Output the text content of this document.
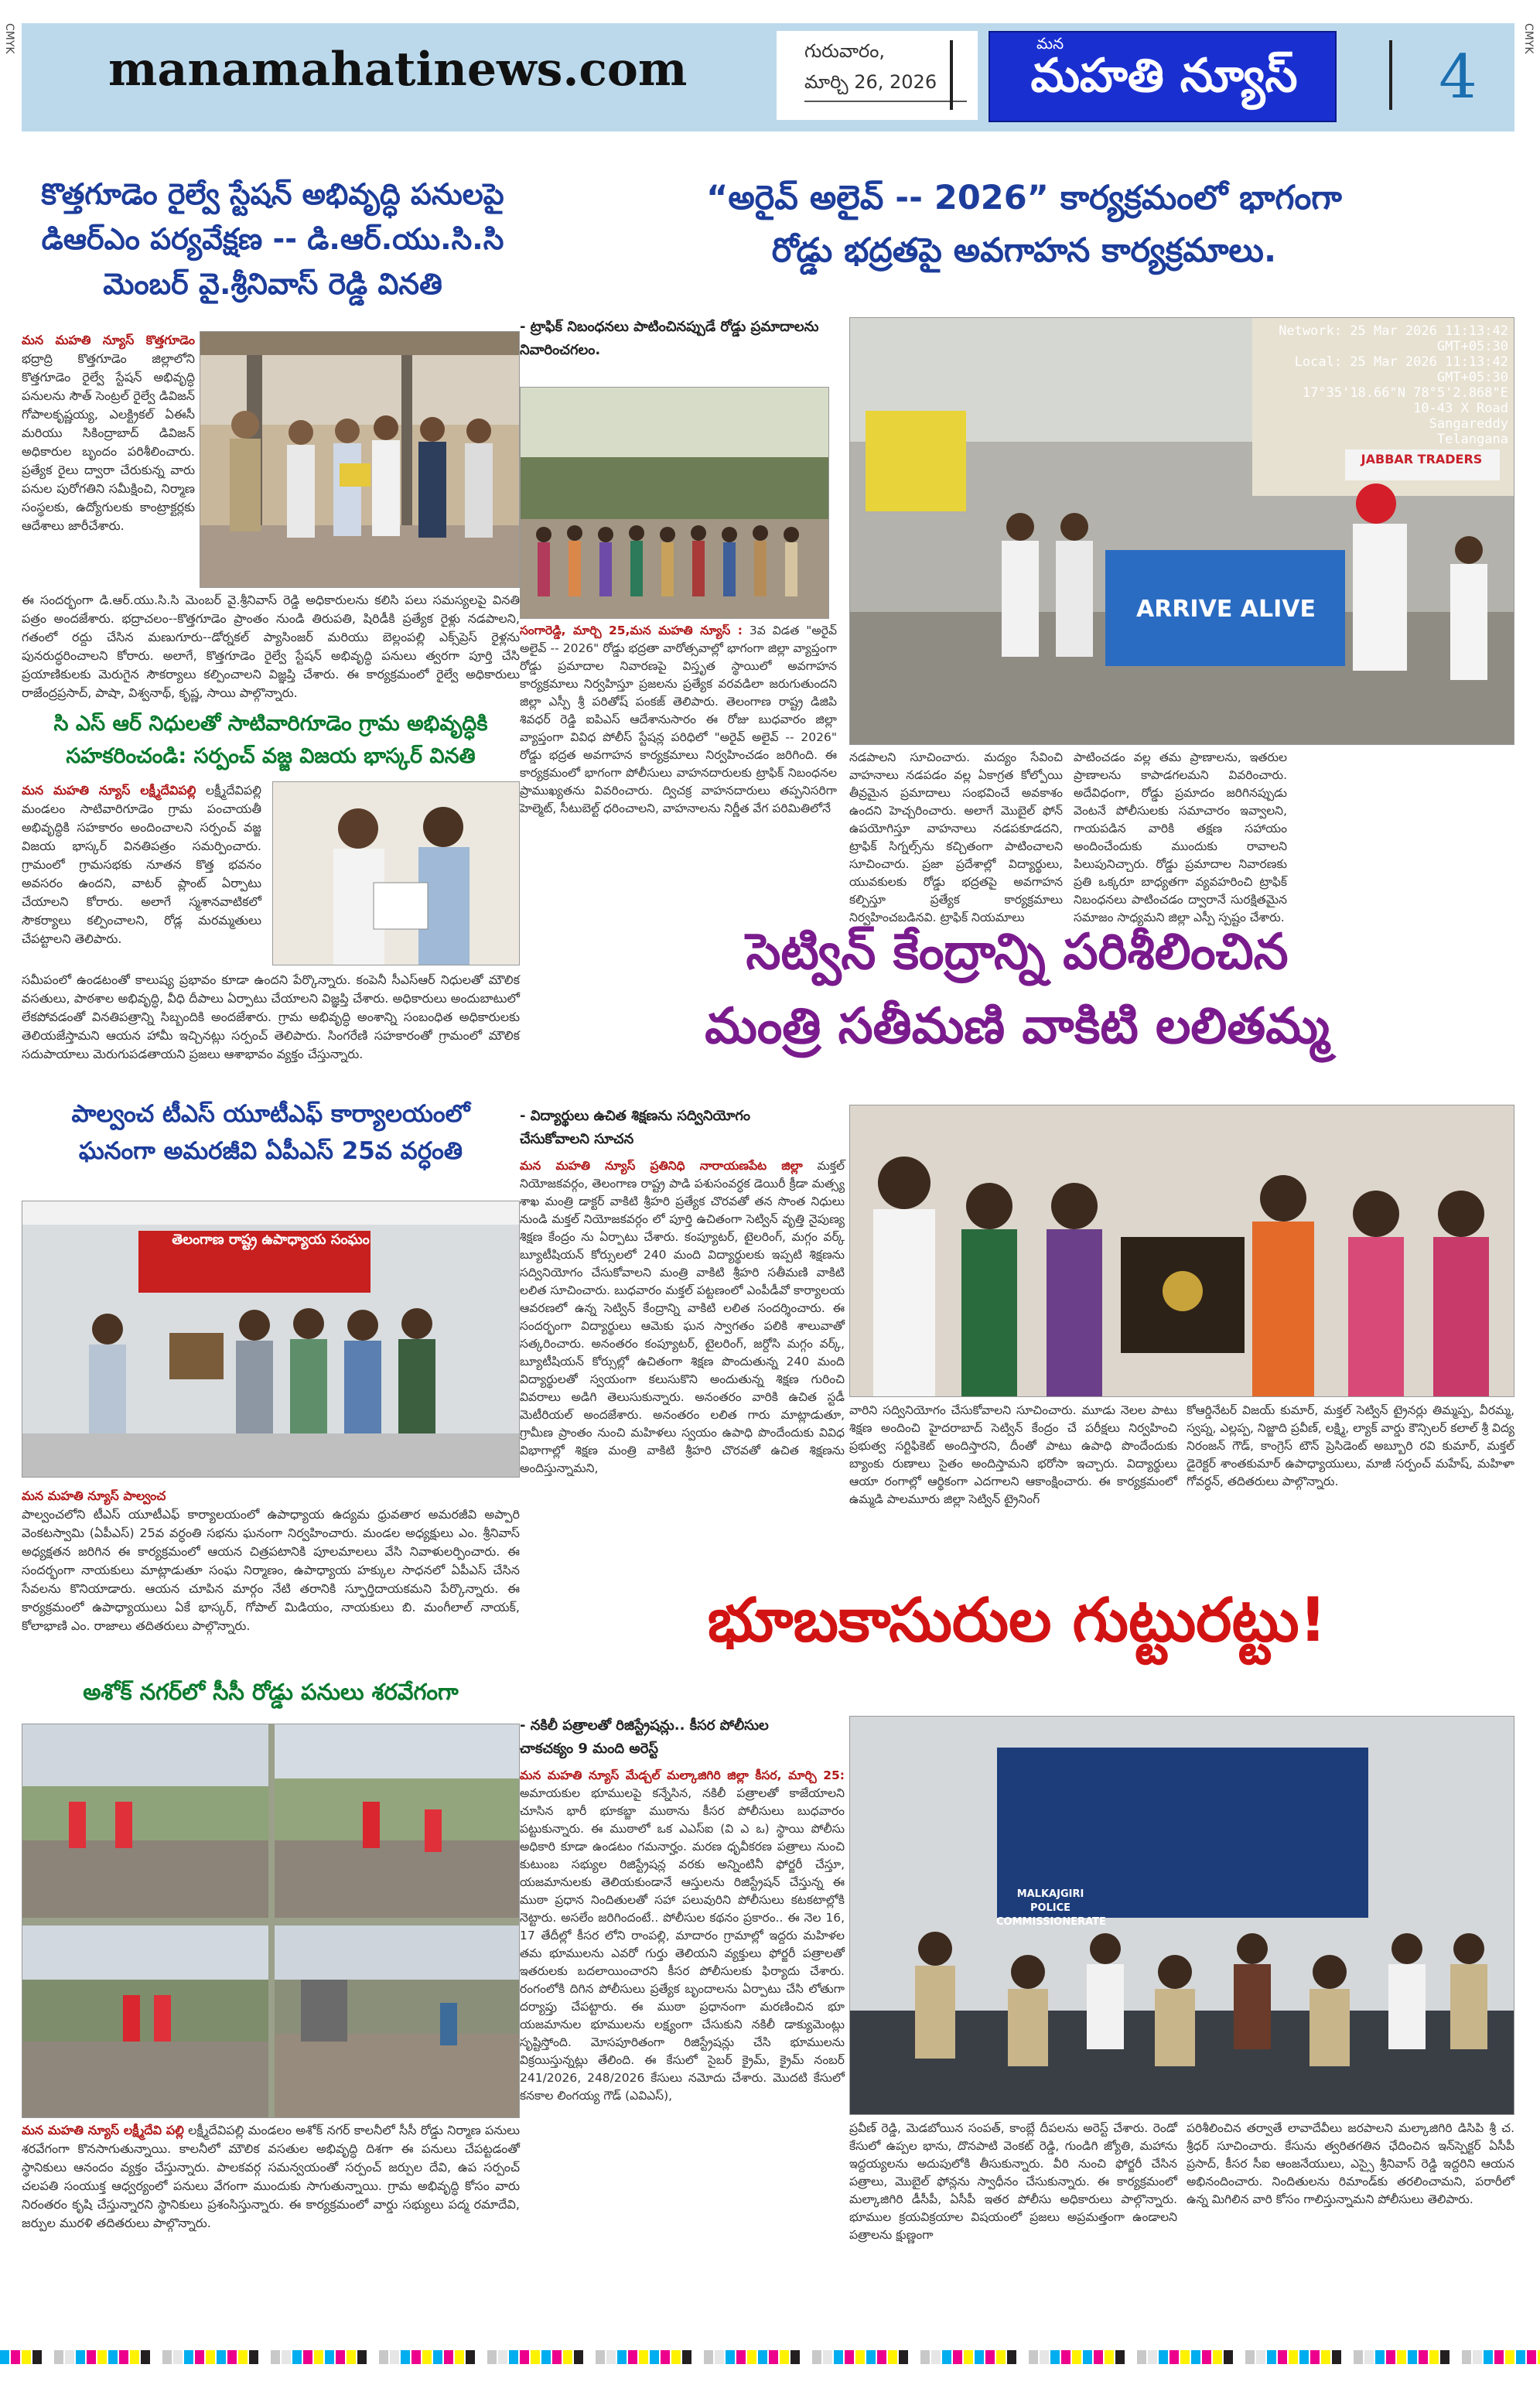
CMYK	CMYK
manamahatinews.com	గురువారం,
మార్చి 26, 2026
మన
మహతి న్యూస్	4
కొత్తగూడెం రైల్వే స్టేషన్ అభివృద్ధి పనులపై
డిఆర్ఎం పర్యవేక్షణ -- డి.ఆర్.యు.సి.సి
మెంబర్ వై.శ్రీనివాస్ రెడ్డి వినతి
మన మహతి న్యూస్ కొత్తగూడెం భద్రాద్రి కొత్తగూడెం జిల్లాలోని కొత్తగూడెం రైల్వే స్టేషన్ అభివృద్ధి పనులను సౌత్ సెంట్రల్ రైల్వే డివిజన్ గోపాలకృష్ణయ్య, ఎలక్ట్రికల్ ఏఈసీ మరియు సికింద్రాబాద్ డివిజన్ అధికారుల బృందం పరిశీలించారు. ప్రత్యేక రైలు ద్వారా చేరుకున్న వారు పనుల పురోగతిని సమీక్షించి, నిర్మాణ సంస్థలకు, ఉద్యోగులకు కాంట్రాక్టర్లకు ఆదేశాలు జారీచేశారు.
ఈ సందర్భంగా డి.ఆర్.యు.సి.సి మెంబర్ వై.శ్రీనివాస్ రెడ్డి అధికారులను కలిసి పలు సమస్యలపై వినతి పత్రం అందజేశారు. భద్రాచలం--కొత్తగూడెం ప్రాంతం నుండి తిరుపతి, షిరిడీకి ప్రత్యేక రైళ్లు నడపాలని, గతంలో రద్దు చేసిన మణుగూరు--డోర్నకల్ ప్యాసింజర్ మరియు బెల్లంపల్లి ఎక్స్‌ప్రెస్ రైళ్లను పునరుద్ధరించాలని కోరారు. అలాగే, కొత్తగూడెం రైల్వే స్టేషన్ అభివృద్ధి పనులు త్వరగా పూర్తి చేసి ప్రయాణికులకు మెరుగైన సౌకర్యాలు కల్పించాలని విజ్ఞప్తి చేశారు. ఈ కార్యక్రమంలో రైల్వే అధికారులు రాజేంద్రప్రసాద్, పాషా, విశ్వనాథ్, కృష్ణ, సాయి పాల్గొన్నారు.
సి ఎస్ ఆర్ నిధులతో సాటివారిగూడెం గ్రామ అభివృద్ధికి
సహకరించండి: సర్పంచ్ వజ్జ విజయ భాస్కర్ వినతి
మన మహతి న్యూస్ లక్ష్మీదేవిపల్లి లక్ష్మీదేవిపల్లి మండలం సాటివారిగూడెం గ్రామ పంచాయతీ అభివృద్ధికి సహకారం అందించాలని సర్పంచ్ వజ్జ విజయ భాస్కర్ వినతిపత్రం సమర్పించారు. గ్రామంలో గ్రామసభకు నూతన కొత్త భవనం అవసరం ఉందని, వాటర్ ప్లాంట్ ఏర్పాటు చేయాలని కోరారు. అలాగే స్మశానవాటికలో సౌకర్యాలు కల్పించాలని, రోడ్ల మరమ్మతులు చేపట్టాలని తెలిపారు.
సమీపంలో ఉండటంతో కాలుష్య ప్రభావం కూడా ఉందని పేర్కొన్నారు. కంపెనీ సీఎస్ఆర్ నిధులతో మౌలిక వసతులు, పాఠశాల అభివృద్ధి, వీధి దీపాలు ఏర్పాటు చేయాలని విజ్ఞప్తి చేశారు. అధికారులు అందుబాటులో లేకపోవడంతో వినతిపత్రాన్ని సిబ్బందికి అందజేశారు. గ్రామ అభివృద్ధి అంశాన్ని సంబంధిత అధికారులకు తెలియజేస్తామని ఆయన హామీ ఇచ్చినట్లు సర్పంచ్ తెలిపారు. సింగరేణి సహకారంతో గ్రామంలో మౌలిక సదుపాయాలు మెరుగుపడతాయని ప్రజలు ఆశాభావం వ్యక్తం చేస్తున్నారు.
పాల్వంచ టీఎస్ యూటీఎఫ్ కార్యాలయంలో
ఘనంగా అమరజీవి ఏపీఎస్ 25వ వర్ధంతి
తెలంగాణ రాష్ట్ర ఉపాధ్యాయ సంఘం
మన మహతి న్యూస్ పాల్వంచ
పాల్వంచలోని టీఎస్ యూటీఎఫ్ కార్యాలయంలో ఉపాధ్యాయ ఉద్యమ ధ్రువతార అమరజీవి అప్పారి వెంకటస్వామి (ఏపీఎస్) 25వ వర్ధంతి సభను ఘనంగా నిర్వహించారు. మండల అధ్యక్షులు ఎం. శ్రీనివాస్ అధ్యక్షతన జరిగిన ఈ కార్యక్రమంలో ఆయన చిత్రపటానికి పూలమాలలు వేసి నివాళులర్పించారు. ఈ సందర్భంగా నాయకులు మాట్లాడుతూ సంఘ నిర్మాణం, ఉపాధ్యాయ హక్కుల సాధనలో ఏపీఎస్ చేసిన సేవలను కొనియాడారు. ఆయన చూపిన మార్గం నేటి తరానికి స్ఫూర్తిదాయకమని పేర్కొన్నారు. ఈ కార్యక్రమంలో ఉపాధ్యాయులు ఏకే భాస్కర్, గోపాల్ మిడియం, నాయకులు బి. మంగీలాల్ నాయక్, కోలాభాణి ఎం. రాజాలు తదితరులు పాల్గొన్నారు.
అశోక్ నగర్‌లో సీసీ రోడ్డు పనులు శరవేగంగా
మన మహతి న్యూస్ లక్ష్మీదేవి పల్లి లక్ష్మీదేవిపల్లి మండలం అశోక్ నగర్ కాలనీలో సీసీ రోడ్డు నిర్మాణ పనులు శరవేగంగా కొనసాగుతున్నాయి. కాలనీలో మౌలిక వసతుల అభివృద్ధి దిశగా ఈ పనులు చేపట్టడంతో స్థానికులు ఆనందం వ్యక్తం చేస్తున్నారు. పాలకవర్గ సమన్వయంతో సర్పంచ్ జర్పుల దేవి, ఉప సర్పంచ్ చలపతి సంయుక్త ఆధ్వర్యంలో పనులు వేగంగా ముందుకు సాగుతున్నాయి. గ్రామ అభివృద్ధి కోసం వారు నిరంతరం కృషి చేస్తున్నారని స్థానికులు ప్రశంసిస్తున్నారు. ఈ కార్యక్రమంలో వార్డు సభ్యులు పద్మ రమాదేవి, జర్పుల మురళి తదితరులు పాల్గొన్నారు.
“అరైవ్ అలైవ్ -- 2026” కార్యక్రమంలో భాగంగా
రోడ్డు భద్రతపై అవగాహన కార్యక్రమాలు.
- ట్రాఫిక్ నిబంధనలు పాటించినప్పుడే రోడ్డు ప్రమాదాలను నివారించగలం.
సంగారెడ్డి, మార్చి 25,మన మహతి న్యూస్ : 3వ విడత "అరైవ్ అలైవ్ -- 2026" రోడ్డు భద్రతా వారోత్సవాల్లో భాగంగా జిల్లా వ్యాప్తంగా రోడ్డు ప్రమాదాల నివారణపై విస్తృత స్థాయిలో అవగాహన కార్యక్రమాలు నిర్వహిస్తూ ప్రజలను ప్రత్యేక వరవడిలా జరుగుతుందని జిల్లా ఎస్పీ శ్రీ పరితోష్ పంకజ్ తెలిపారు. తెలంగాణ రాష్ట్ర డిజిపి శివధర్ రెడ్డి ఐపిఎస్ ఆదేశానుసారం ఈ రోజు బుధవారం జిల్లా వ్యాప్తంగా వివిధ పోలీస్ స్టేషన్ల పరిధిలో "అరైవ్ అలైవ్ -- 2026" రోడ్డు భద్రత అవగాహన కార్యక్రమాలు నిర్వహించడం జరిగింది. ఈ కార్యక్రమంలో భాగంగా పోలీసులు వాహనదారులకు ట్రాఫిక్ నిబంధనల ప్రాముఖ్యతను వివరించారు. ద్విచక్ర వాహనదారులు తప్పనిసరిగా హెల్మెట్, సీటుబెల్ట్ ధరించాలని, వాహనాలను నిర్ణీత వేగ పరిమితిలోనే
Network: 25 Mar 2026 11:13:42 GMT+05:30
Local: 25 Mar 2026 11:13:42 GMT+05:30
17°35'18.66"N 78°5'2.868"E
10-43 X Road
Sangareddy
Telangana
JABBAR TRADERS
ARRIVE ALIVE
నడపాలని సూచించారు. మద్యం సేవించి వాహనాలు నడపడం వల్ల ఏకాగ్రత కోల్పోయి తీవ్రమైన ప్రమాదాలు సంభవించే అవకాశం ఉందని హెచ్చరించారు. అలాగే మొబైల్ ఫోన్ ఉపయోగిస్తూ వాహనాలు నడపకూడదని, ట్రాఫిక్ సిగ్నల్స్‌ను కచ్చితంగా పాటించాలని సూచించారు. ప్రజా ప్రదేశాల్లో విద్యార్థులు, యువకులకు రోడ్డు భద్రతపై అవగాహన కల్పిస్తూ ప్రత్యేక కార్యక్రమాలు నిర్వహించబడినవి. ట్రాఫిక్ నియమాలు
పాటించడం వల్ల తమ ప్రాణాలను, ఇతరుల ప్రాణాలను కాపాడగలమని వివరించారు. అదేవిధంగా, రోడ్డు ప్రమాదం జరిగినప్పుడు వెంటనే పోలీసులకు సమాచారం ఇవ్వాలని, గాయపడిన వారికి తక్షణ సహాయం అందించేందుకు ముందుకు రావాలని పిలుపునిచ్చారు. రోడ్డు ప్రమాదాల నివారణకు ప్రతి ఒక్కరూ బాధ్యతగా వ్యవహరించి ట్రాఫిక్ నిబంధనలు పాటించడం ద్వారానే సురక్షితమైన సమాజం సాధ్యమని జిల్లా ఎస్పీ స్పష్టం చేశారు.
సెట్విన్ కేంద్రాన్ని పరిశీలించిన
మంత్రి సతీమణి వాకిటి లలితమ్మ
- విద్యార్థులు ఉచిత శిక్షణను సద్వినియోగం
చేసుకోవాలని సూచన
మన మహతి న్యూస్ ప్రతినిధి నారాయణపేట జిల్లా మక్తల్ నియోజకవర్గం, తెలంగాణ రాష్ట్ర పాడి పశుసంవర్ధక డెయిరీ క్రీడా మత్స్య శాఖ మంత్రి డాక్టర్ వాకిటి శ్రీహరి ప్రత్యేక చొరవతో తన సొంత నిధులు నుండి మక్తల్ నియోజకవర్గం లో పూర్తి ఉచితంగా సెట్విన్ వృత్తి నైపుణ్య శిక్షణ కేంద్రం ను ఏర్పాటు చేశారు. కంప్యూటర్, టైలరింగ్, మగ్గం వర్క్ బ్యూటీషియన్ కోర్సులలో 240 మంది విద్యార్థులకు ఇప్పటి శిక్షణను సద్వినియోగం చేసుకోవాలని మంత్రి వాకిటి శ్రీహరి సతీమణి వాకిటి లలిత సూచించారు. బుధవారం మక్తల్ పట్టణంలో ఎంపీడీవో కార్యాలయ ఆవరణలో ఉన్న సెట్విన్ కేంద్రాన్ని వాకిటి లలిత సందర్శించారు. ఈ సందర్భంగా విద్యార్థులు ఆమెకు ఘన స్వాగతం పలికి శాలువాతో సత్కరించారు. అనంతరం కంప్యూటర్, టైలరింగ్, జర్దోసి మగ్గం వర్క్, బ్యూటీషియన్ కోర్సుల్లో ఉచితంగా శిక్షణ పొందుతున్న 240 మంది విద్యార్థులతో స్వయంగా కలుసుకొని అందుతున్న శిక్షణ గురించి వివరాలు అడిగి తెలుసుకున్నారు. అనంతరం వారికి ఉచిత స్టడీ మెటీరియల్ అందజేశారు. అనంతరం లలిత గారు మాట్లాడుతూ, గ్రామీణ ప్రాంతం నుంచి మహిళలు స్వయం ఉపాధి పొందేందుకు వివిధ విభాగాల్లో శిక్షణ మంత్రి వాకిటి శ్రీహరి చొరవతో ఉచిత శిక్షణను అందిస్తున్నామని,
వారిని సద్వినియోగం చేసుకోవాలని సూచించారు. మూడు నెలల పాటు శిక్షణ అందించి హైదరాబాద్ సెట్విన్ కేంద్రం చే పరీక్షలు నిర్వహించి ప్రభుత్వ సర్టిఫికెట్ అందిస్తారని, దీంతో పాటు ఉపాధి పొందేందుకు బ్యాంకు రుణాలు సైతం అందిస్తామని భరోసా ఇచ్చారు. విద్యార్థులు ఆయా రంగాల్లో ఆర్థికంగా ఎదగాలని ఆకాంక్షించారు. ఈ కార్యక్రమంలో ఉమ్మడి పాలమూరు జిల్లా సెట్విన్ ట్రైనింగ్
కోఆర్డినేటర్ విజయ్ కుమార్, మక్తల్ సెట్విన్ ట్రైనర్లు తిమ్మప్ప, వీరమ్మ, స్వప్న, ఎల్లప్ప, నిజ్జాది ప్రవీణ్, లక్ష్మి, ల్యాక్ వార్డు కౌన్సిలర్ కలాల్ శ్రీ విద్య నిరంజన్ గౌడ్, కాంగ్రెస్ టౌన్ ప్రెసిడెంట్ అబ్బూరి రవి కుమార్, మక్తల్ డైరెక్టర్ శాంతకుమార్ ఉపాధ్యాయులు, మాజీ సర్పంచ్ మహేష్, మహిళా గోవర్ధన్, తదితరులు పాల్గొన్నారు.
భూబకాసురుల గుట్టురట్టు!
- నకిలీ పత్రాలతో రిజిస్ట్రేషన్లు.. కీసర పోలీసుల
చాకచక్యం 9 మంది అరెస్ట్
మన మహతి న్యూస్ మేడ్చల్ మల్కాజిగిరి జిల్లా కీసర, మార్చి 25: అమాయకుల భూములపై కన్నేసిన, నకిలీ పత్రాలతో కాజేయాలని చూసిన భారీ భూకబ్జా ముఠాను కీసర పోలీసులు బుధవారం పట్టుకున్నారు. ఈ ముఠాలో ఒక ఎఎస్ఐ (వి ఎ ఒ) స్థాయి పోలీసు అధికారి కూడా ఉండటం గమనార్హం. మరణ ధృవీకరణ పత్రాలు నుంచి కుటుంబ సభ్యుల రిజిస్ట్రేషన్ల వరకు అన్నింటినీ ఫోర్జరీ చేస్తూ, యజమానులకు తెలియకుండానే ఆస్తులను రిజిస్ట్రేషన్ చేస్తున్న ఈ ముఠా ప్రధాన నిందితులతో సహా పలువురిని పోలీసులు కటకటాల్లోకి నెట్టారు. అసలేం జరిగిందంటే.. పోలీసుల కథనం ప్రకారం.. ఈ నెల 16, 17 తేదీల్లో కీసర లోని రాంపల్లి, మాదారం గ్రామాల్లో ఇద్దరు మహిళల తమ భూములను ఎవరో గుర్తు తెలియని వ్యక్తులు ఫోర్జరీ పత్రాలతో ఇతరులకు బదలాయించారని కీసర పోలీసులకు ఫిర్యాదు చేశారు. రంగంలోకి దిగిన పోలీసులు ప్రత్యేక బృందాలను ఏర్పాటు చేసి లోతుగా దర్యాప్తు చేపట్టారు. ఈ ముఠా ప్రధానంగా మరణించిన భూ యజమానుల భూములను లక్ష్యంగా చేసుకుని నకిలీ డాక్యుమెంట్లు సృష్టిస్తోంది. మోసపూరితంగా రిజిస్ట్రేషన్లు చేసి భూములను విక్రయిస్తున్నట్లు తేలింది. ఈ కేసులో సైబర్ క్రైమ్, క్రైమ్ నంబర్ 241/2026, 248/2026 కేసులు నమోదు చేశారు. మొదటి కేసులో కనకాల లింగయ్య గౌడ్ (ఎవిఎస్),
MALKAJGIRI
POLICE
COMMISSIONERATE
ప్రవీణ్ రెడ్డి, మెడబోయిన సంపత్, కాంబ్లే దీపలను అరెస్ట్ చేశారు. రెండో కేసులో ఉప్పల భాను, దొనపాటి వెంకట్ రెడ్డి, గుండిగి జ్యోతి, మహాను ఇద్దయ్యలను అదుపులోకి తీసుకున్నారు. వీరి నుంచి ఫోర్జరీ చేసిన పత్రాలు, మొబైల్ ఫోన్లను స్వాధీనం చేసుకున్నారు. ఈ కార్యక్రమంలో మల్కాజిగిరి డీసీపీ, ఏసీపీ ఇతర పోలీసు అధికారులు పాల్గొన్నారు. భూముల క్రయవిక్రయాల విషయంలో ప్రజలు అప్రమత్తంగా ఉండాలని పత్రాలను క్షుణ్ణంగా
పరిశీలించిన తర్వాతే లావాదేవీలు జరపాలని మల్కాజిగిరి డిసిపి శ్రీ చ. శ్రీధర్ సూచించారు. కేసును త్వరితగతిన ఛేదించిన ఇన్‌స్పెక్టర్ ఏసీపీ ప్రసాద్, కీసర సీఐ ఆంజనేయులు, ఎస్సై శ్రీనివాస్ రెడ్డి ఇద్దరిని ఆయన అభినందించారు. నిందితులను రిమాండ్‌కు తరలించామని, పరారీలో ఉన్న మిగిలిన వారి కోసం గాలిస్తున్నామని పోలీసులు తెలిపారు.
